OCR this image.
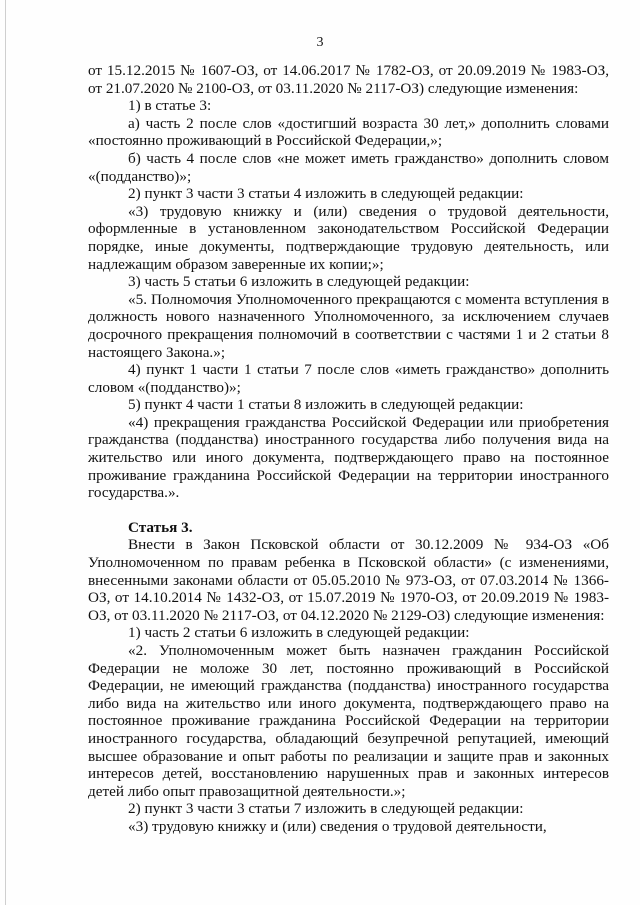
3

от 15.12.2015 № 1607-ОЗ, от 14.06.2017 № 1782-ОЗ, от 20.09.2019 № 1983-ОЗ, от 21.07.2020 № 2100-ОЗ, от 03.11.2020 № 2117-ОЗ) следующие изменения:

1) в статье 3:

а) часть 2 после слов «достигший возраста 30 лет,» дополнить словами «постоянно проживающий в Российской Федерации,»;

б) часть 4 после слов «не может иметь гражданство» дополнить словом «(подданство)»;

2) пункт 3 части 3 статьи 4 изложить в следующей редакции:

«3) трудовую книжку и (или) сведения о трудовой деятельности, оформленные в установленном законодательством Российской Федерации порядке, иные документы, подтверждающие трудовую деятельность, или надлежащим образом заверенные их копии;»;

3) часть 5 статьи 6 изложить в следующей редакции:

«5. Полномочия Уполномоченного прекращаются с момента вступления в должность нового назначенного Уполномоченного, за исключением случаев досрочного прекращения полномочий в соответствии с частями 1 и 2 статьи 8 настоящего Закона.»;

4) пункт 1 части 1 статьи 7 после слов «иметь гражданство» дополнить словом «(подданство)»;

5) пункт 4 части 1 статьи 8 изложить в следующей редакции:

«4) прекращения гражданства Российской Федерации или приобретения гражданства (подданства) иностранного государства либо получения вида на жительство или иного документа, подтверждающего право на постоянное проживание гражданина Российской Федерации на территории иностранного государства.».

Статья 3.

Внести в Закон Псковской области от 30.12.2009 № 934-ОЗ «Об Уполномоченном по правам ребенка в Псковской области» (с изменениями, внесенными законами области от 05.05.2010 № 973-ОЗ, от 07.03.2014 № 1366-ОЗ, от 14.10.2014 № 1432-ОЗ, от 15.07.2019 № 1970-ОЗ, от 20.09.2019 № 1983-ОЗ, от 03.11.2020 № 2117-ОЗ, от 04.12.2020 № 2129-ОЗ) следующие изменения:

1) часть 2 статьи 6 изложить в следующей редакции:

«2. Уполномоченным может быть назначен гражданин Российской Федерации не моложе 30 лет, постоянно проживающий в Российской Федерации, не имеющий гражданства (подданства) иностранного государства либо вида на жительство или иного документа, подтверждающего право на постоянное проживание гражданина Российской Федерации на территории иностранного государства, обладающий безупречной репутацией, имеющий высшее образование и опыт работы по реализации и защите прав и законных интересов детей, восстановлению нарушенных прав и законных интересов детей либо опыт правозащитной деятельности.»;

2) пункт 3 части 3 статьи 7 изложить в следующей редакции:

«3) трудовую книжку и (или) сведения о трудовой деятельности,
